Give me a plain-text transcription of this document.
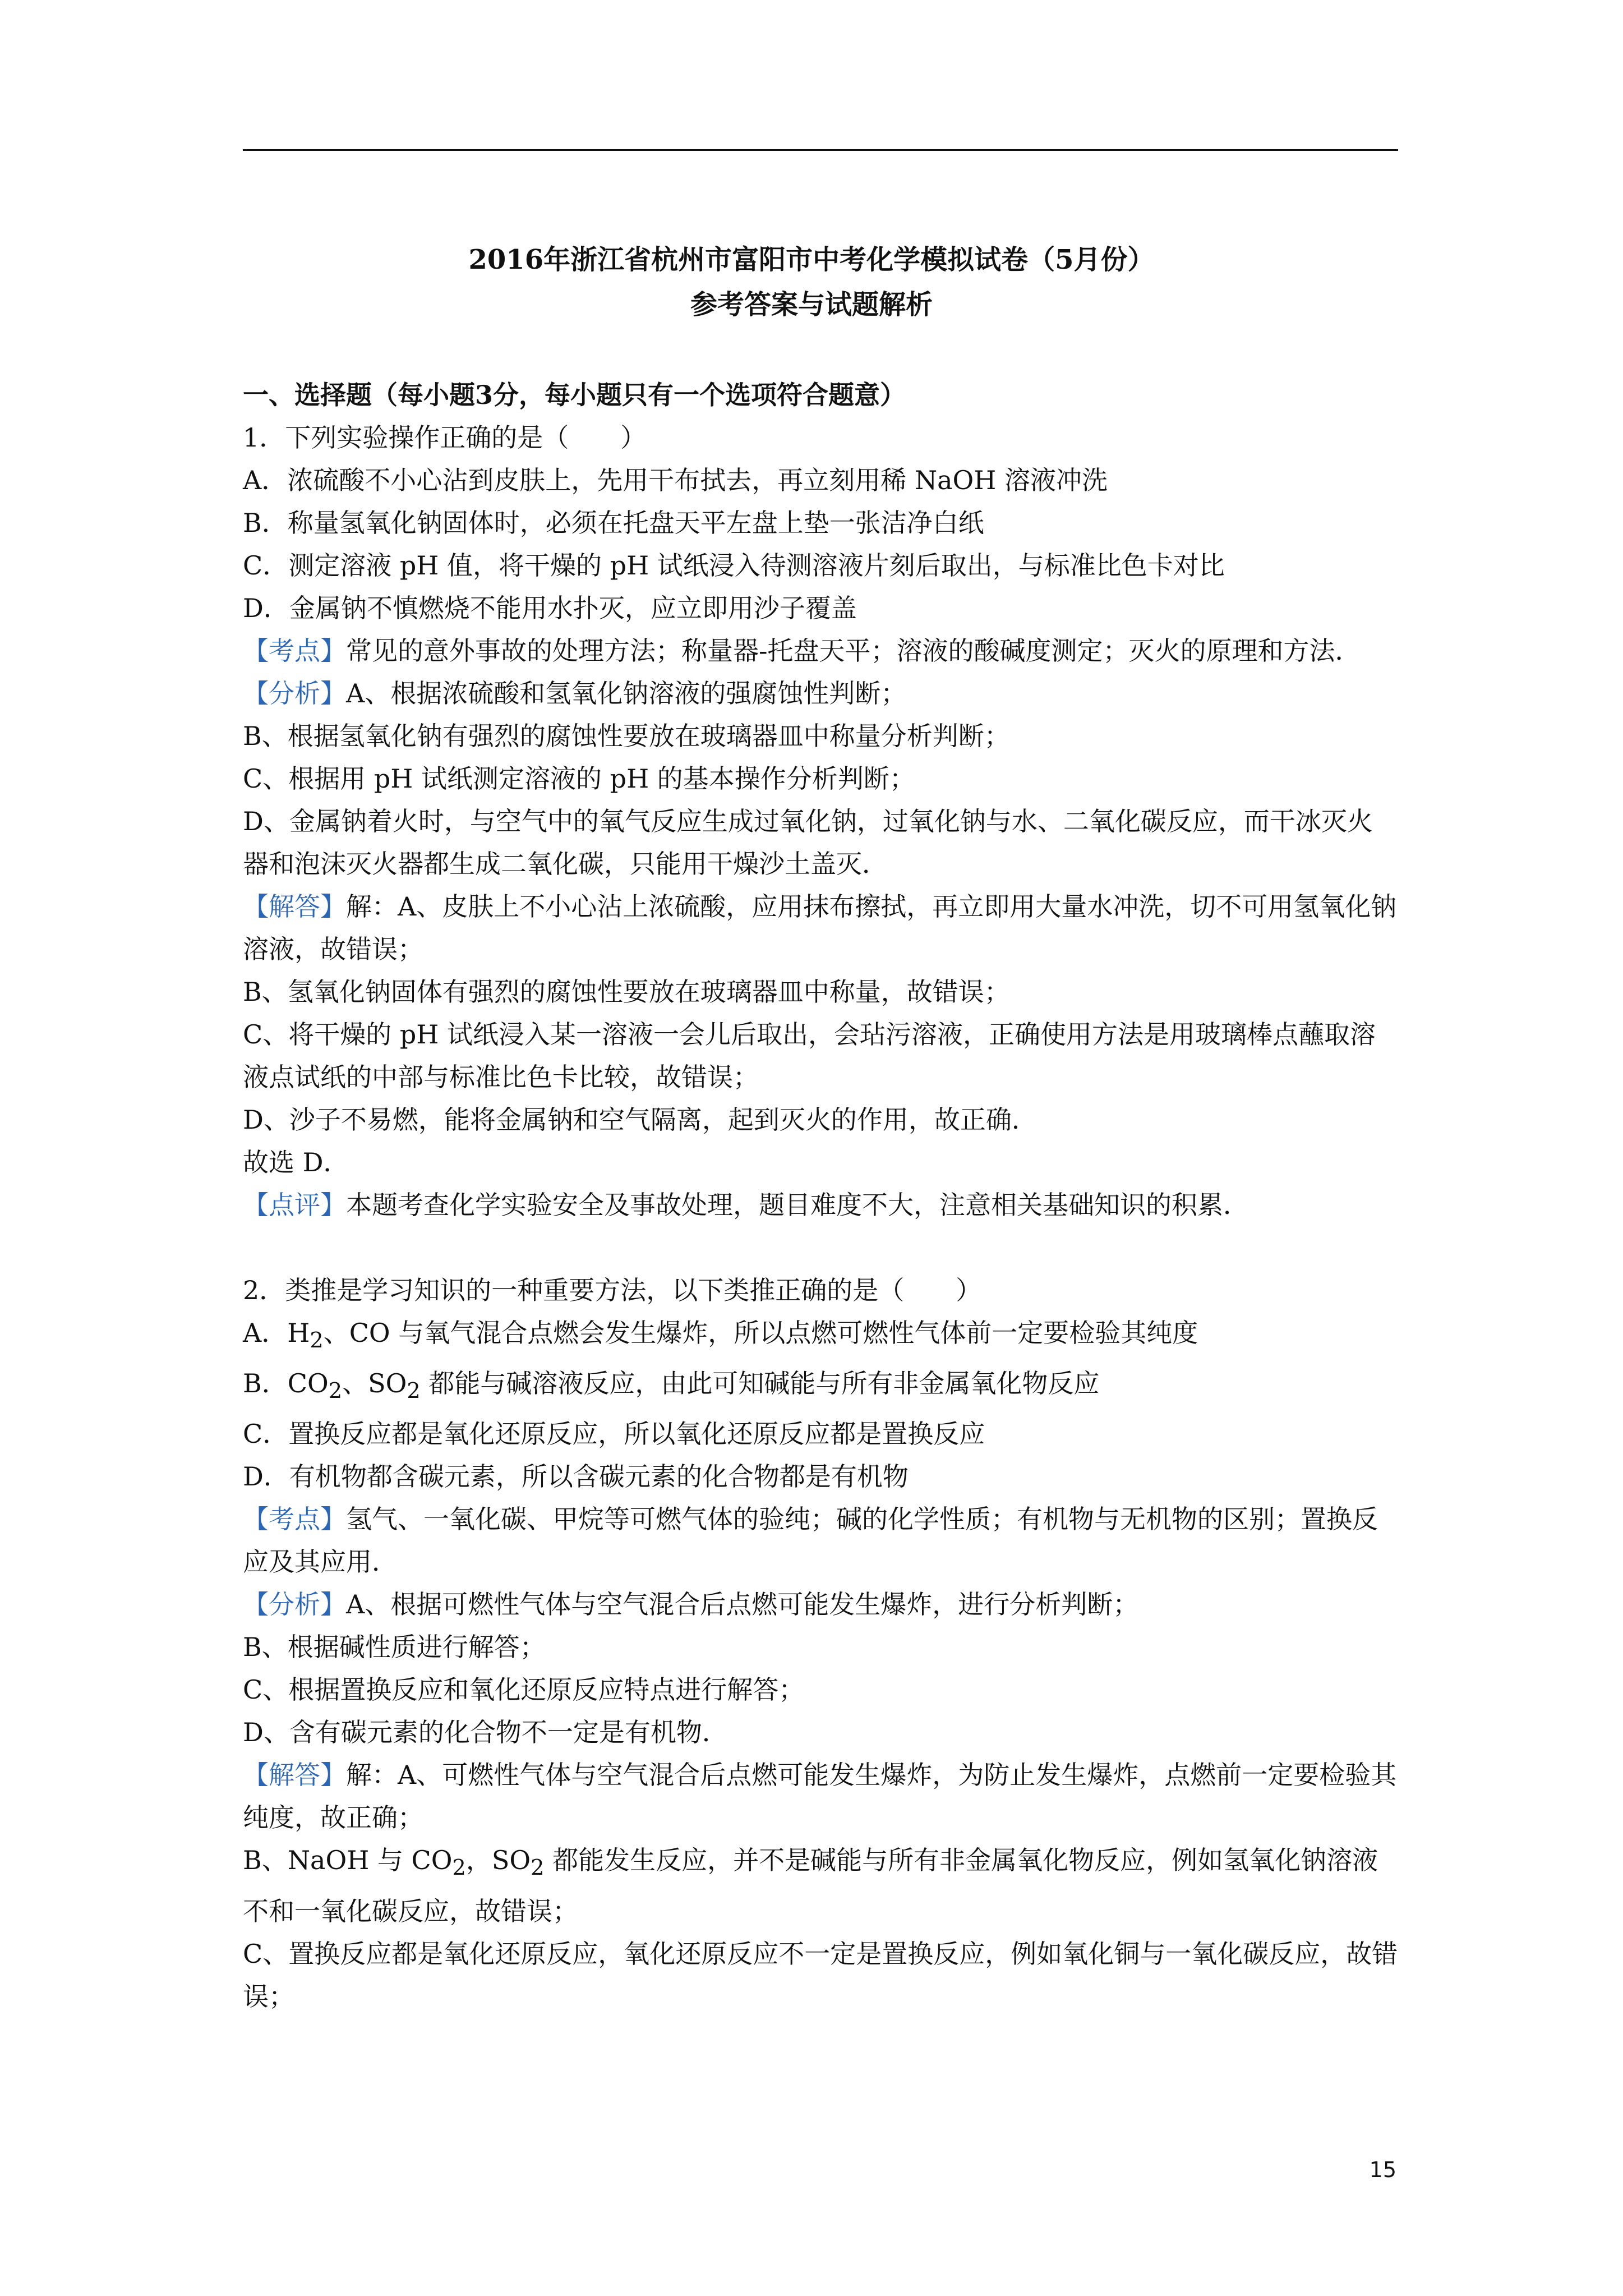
2016年浙江省杭州市富阳市中考化学模拟试卷（5月份）
参考答案与试题解析
一、选择题（每小题3分，每小题只有一个选项符合题意）
1．下列实验操作正确的是（　　）
A．浓硫酸不小心沾到皮肤上，先用干布拭去，再立刻用稀 NaOH 溶液冲洗
B．称量氢氧化钠固体时，必须在托盘天平左盘上垫一张洁净白纸
C．测定溶液 pH 值，将干燥的 pH 试纸浸入待测溶液片刻后取出，与标准比色卡对比
D．金属钠不慎燃烧不能用水扑灭，应立即用沙子覆盖
【考点】常见的意外事故的处理方法；称量器-托盘天平；溶液的酸碱度测定；灭火的原理和方法．
【分析】A、根据浓硫酸和氢氧化钠溶液的强腐蚀性判断；
B、根据氢氧化钠有强烈的腐蚀性要放在玻璃器皿中称量分析判断；
C、根据用 pH 试纸测定溶液的 pH 的基本操作分析判断；
D、金属钠着火时，与空气中的氧气反应生成过氧化钠，过氧化钠与水、二氧化碳反应，而干冰灭火器和泡沫灭火器都生成二氧化碳，只能用干燥沙土盖灭．
【解答】解：A、皮肤上不小心沾上浓硫酸，应用抹布擦拭，再立即用大量水冲洗，切不可用氢氧化钠溶液，故错误；
B、氢氧化钠固体有强烈的腐蚀性要放在玻璃器皿中称量，故错误；
C、将干燥的 pH 试纸浸入某一溶液一会儿后取出，会玷污溶液，正确使用方法是用玻璃棒点蘸取溶液点试纸的中部与标准比色卡比较，故错误；
D、沙子不易燃，能将金属钠和空气隔离，起到灭火的作用，故正确．
故选 D．
【点评】本题考查化学实验安全及事故处理，题目难度不大，注意相关基础知识的积累．
2．类推是学习知识的一种重要方法，以下类推正确的是（　　）
A．$H_2$、CO 与氧气混合点燃会发生爆炸，所以点燃可燃性气体前一定要检验其纯度
B．$CO_2$、$SO_2$ 都能与碱溶液反应，由此可知碱能与所有非金属氧化物反应
C．置换反应都是氧化还原反应，所以氧化还原反应都是置换反应
D．有机物都含碳元素，所以含碳元素的化合物都是有机物
【考点】氢气、一氧化碳、甲烷等可燃气体的验纯；碱的化学性质；有机物与无机物的区别；置换反应及其应用．
【分析】A、根据可燃性气体与空气混合后点燃可能发生爆炸，进行分析判断；
B、根据碱性质进行解答；
C、根据置换反应和氧化还原反应特点进行解答；
D、含有碳元素的化合物不一定是有机物．
【解答】解：A、可燃性气体与空气混合后点燃可能发生爆炸，为防止发生爆炸，点燃前一定要检验其纯度，故正确；
B、NaOH 与 $CO_2$，$SO_2$ 都能发生反应，并不是碱能与所有非金属氧化物反应，例如氢氧化钠溶液不和一氧化碳反应，故错误；
C、置换反应都是氧化还原反应，氧化还原反应不一定是置换反应，例如氧化铜与一氧化碳反应，故错误；
15
